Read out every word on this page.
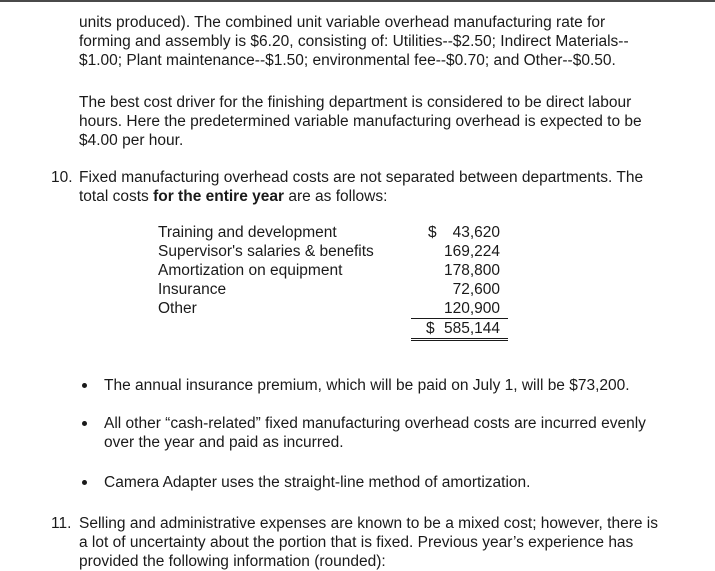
units produced). The combined unit variable overhead manufacturing rate for
forming and assembly is $6.20, consisting of: Utilities--$2.50; Indirect Materials--
$1.00; Plant maintenance--$1.50; environmental fee--$0.70; and Other--$0.50.
The best cost driver for the finishing department is considered to be direct labour
hours. Here the predetermined variable manufacturing overhead is expected to be
$4.00 per hour.
10. Fixed manufacturing overhead costs are not separated between departments. The
total costs for the entire year are as follows:
Training and development	$ 43,620

Supervisor's salaries & benefits	169,224
Amortization on equipment	178,800
Insurance	72,600
Other	120,900

	$ 585,144
The annual insurance premium, which will be paid on July 1, will be $73,200.
All other “cash-related” fixed manufacturing overhead costs are incurred evenly
over the year and paid as incurred.
Camera Adapter uses the straight-line method of amortization.
11. Selling and administrative expenses are known to be a mixed cost; however, there is
a lot of uncertainty about the portion that is fixed. Previous year’s experience has
provided the following information (rounded):
